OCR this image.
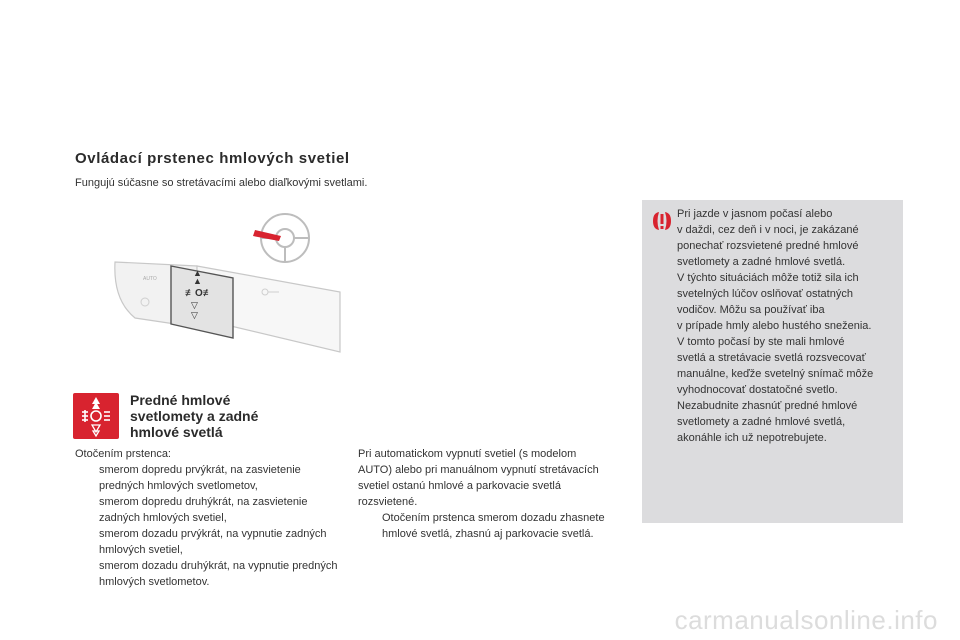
Ovládací prstenec hmlových svetiel
Fungujú súčasne so stretávacími alebo diaľkovými svetlami.
AUTO
▲
▲
≢O≢
▽
▽
Predné hmlové
svetlomety a zadné
hmlové svetlá

Otočením prstenca:

smerom dopredu prvýkrát, na zasvietenie predných hmlových svetlometov,
smerom dopredu druhýkrát, na zasvietenie zadných hmlových svetiel,
smerom dozadu prvýkrát, na vypnutie zadných hmlových svetiel,
smerom dozadu druhýkrát, na vypnutie predných hmlových svetlometov.

Pri automatickom vypnutí svetiel (s modelom AUTO) alebo pri manuálnom vypnutí stretávacích svetiel ostanú hmlové a parkovacie svetlá rozsvietené.

Otočením prstenca smerom dozadu zhasnete hmlové svetlá, zhasnú aj parkovacie svetlá.
Pri jazde v jasnom počasí alebo
v daždi, cez deň i v noci, je zakázané
ponechať rozsvietené predné hmlové
svetlomety a zadné hmlové svetlá.
V týchto situáciách môže totiž sila ich
svetelných lúčov oslňovať ostatných
vodičov. Môžu sa používať iba
v prípade hmly alebo hustého sneženia.
V tomto počasí by ste mali hmlové
svetlá a stretávacie svetlá rozsvecovať
manuálne, keďže svetelný snímač môže
vyhodnocovať dostatočné svetlo.
Nezabudnite zhasnúť predné hmlové
svetlomety a zadné hmlové svetlá,
akonáhle ich už nepotrebujete.
carmanualsonline.info
